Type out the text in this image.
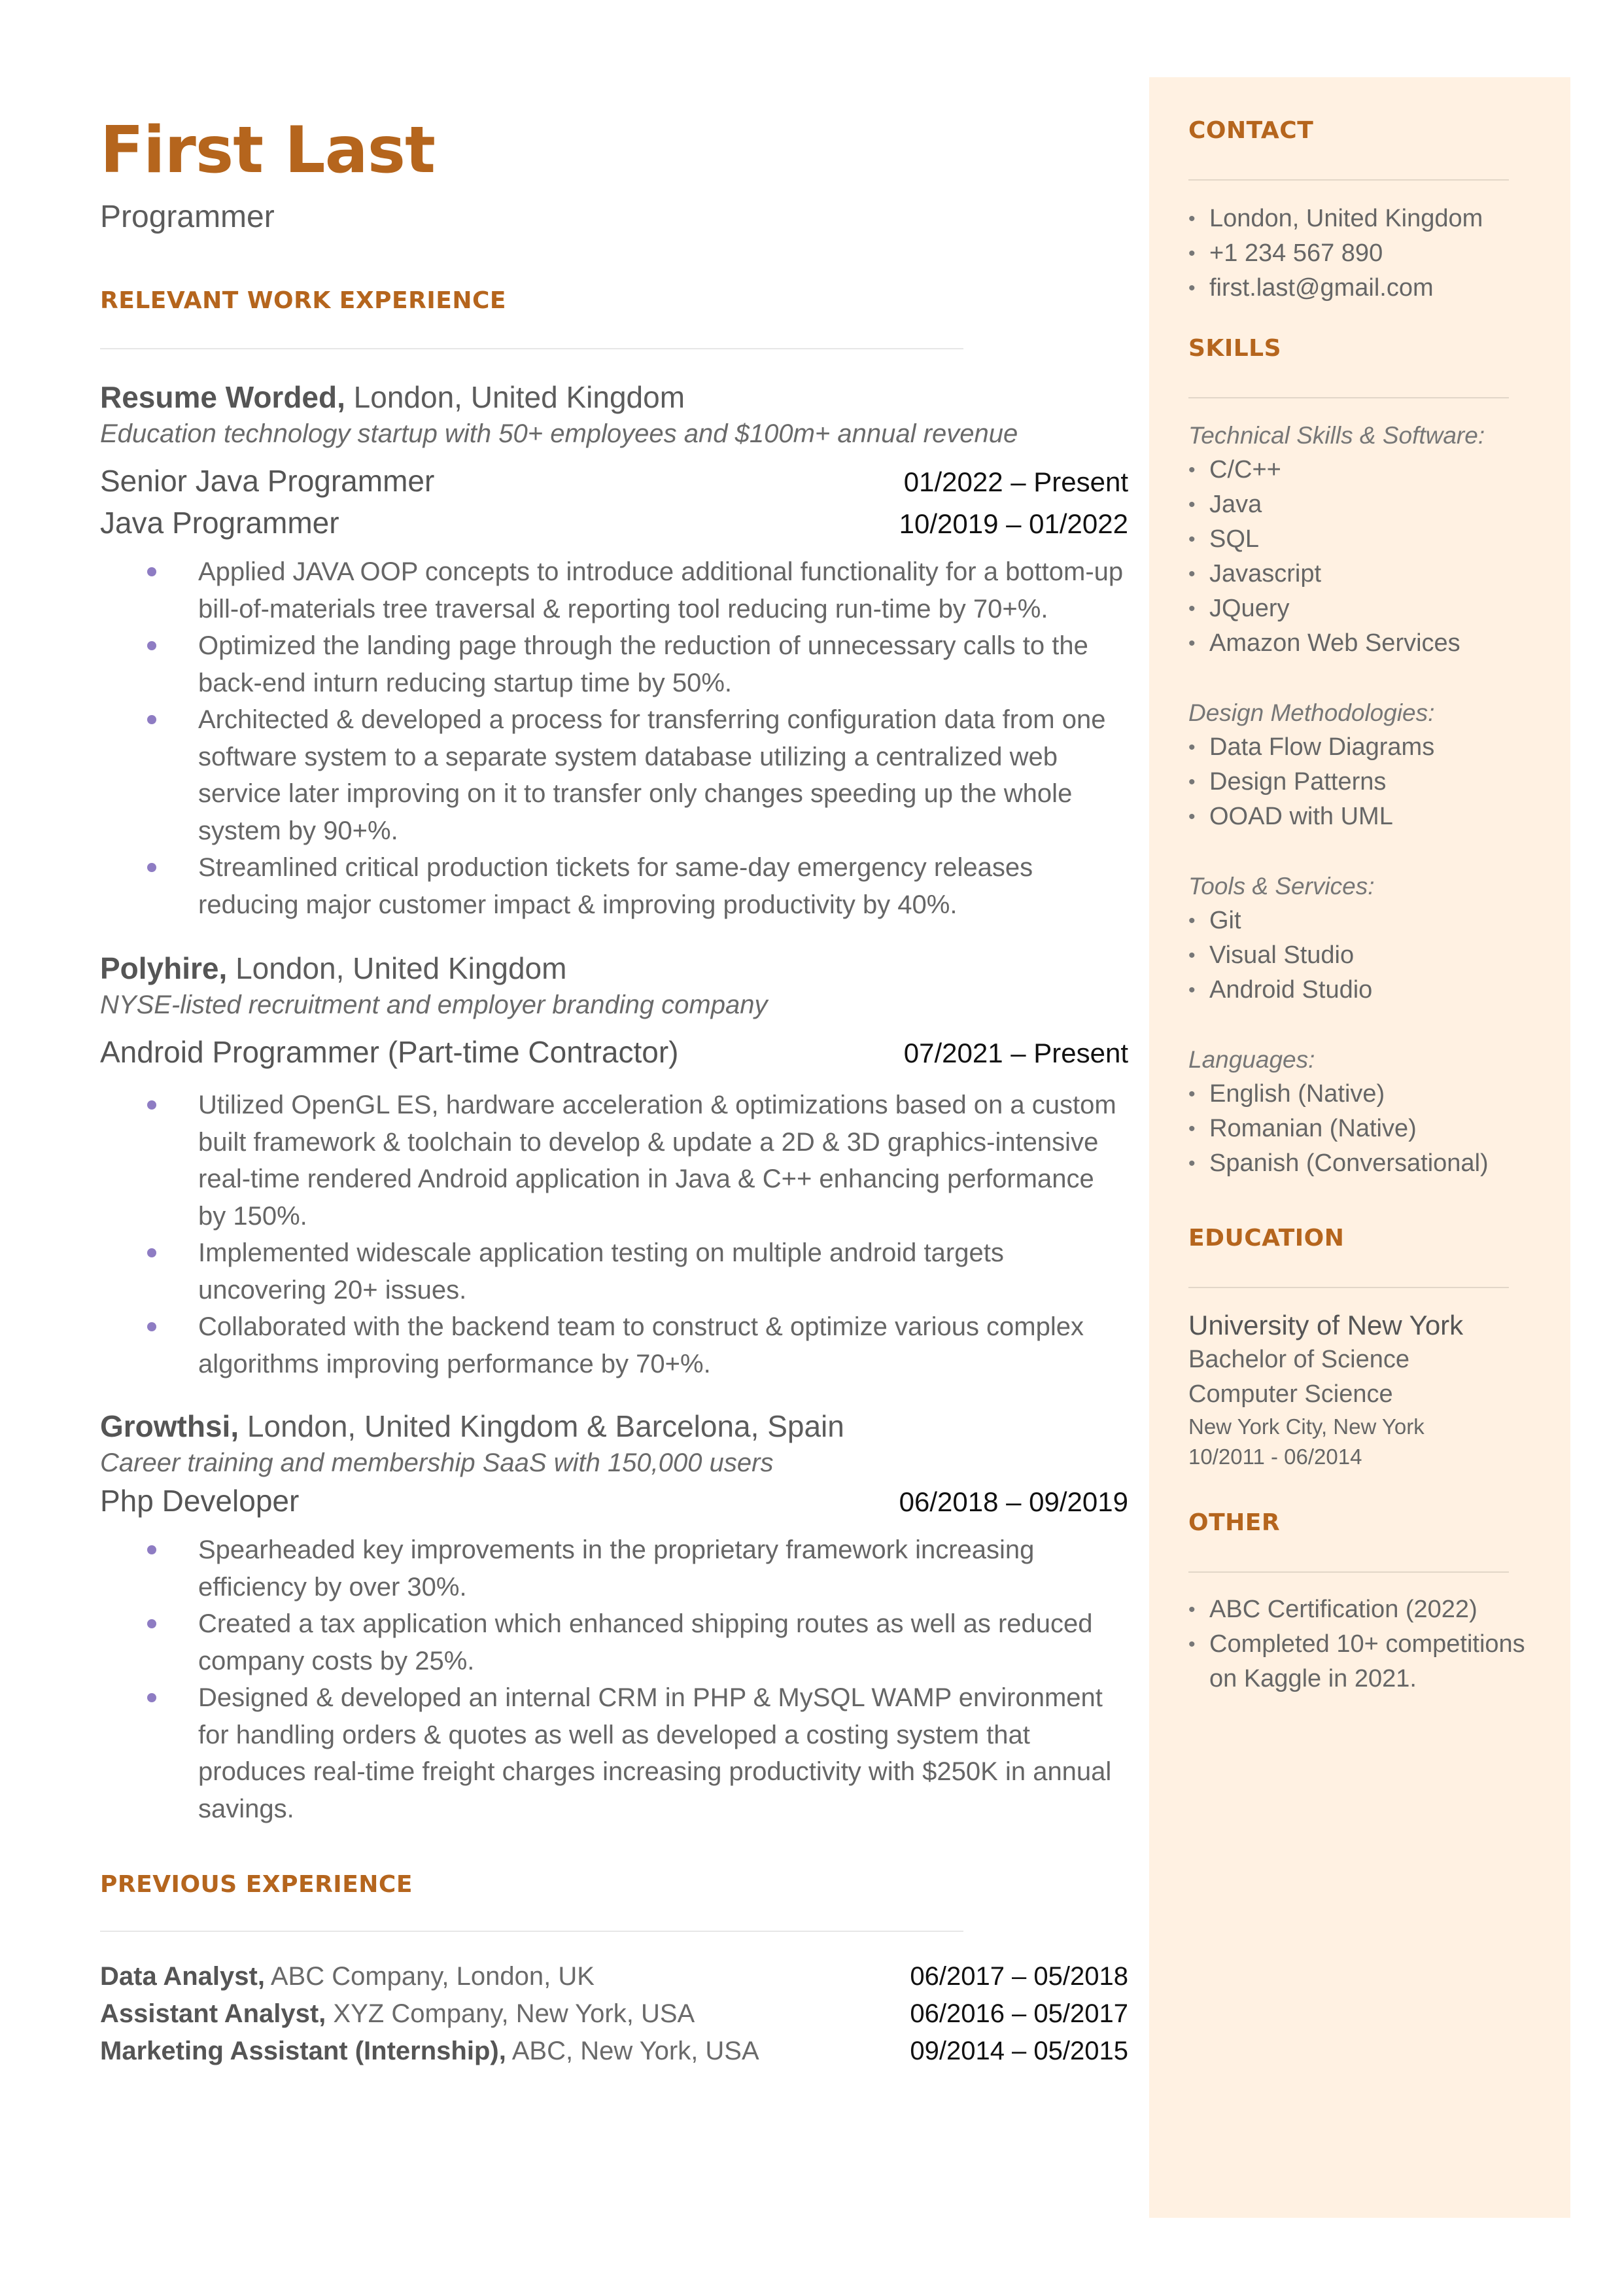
First Last
Programmer
RELEVANT WORK EXPERIENCE
Resume Worded, London, United Kingdom
Education technology startup with 50+ employees and $100m+ annual revenue
Senior Java Programmer	01/2022 – Present
Java Programmer	10/2019 – 01/2022
Applied JAVA OOP concepts to introduce additional functionality for a bottom-up bill-of-materials tree traversal & reporting tool reducing run-time by 70+%.
Optimized the landing page through the reduction of unnecessary calls to the back-end inturn reducing startup time by 50%.
Architected & developed a process for transferring configuration data from one software system to a separate system database utilizing a centralized web service later improving on it to transfer only changes speeding up the whole system by 90+%.
Streamlined critical production tickets for same-day emergency releases reducing major customer impact & improving productivity by 40%.
Polyhire, London, United Kingdom
NYSE-listed recruitment and employer branding company
Android Programmer (Part-time Contractor)	07/2021 – Present
Utilized OpenGL ES, hardware acceleration & optimizations based on a custom built framework & toolchain to develop & update a 2D & 3D graphics-intensive real-time rendered Android application in Java & C++ enhancing performance by 150%.
Implemented widescale application testing on multiple android targets uncovering 20+ issues.
Collaborated with the backend team to construct & optimize various complex algorithms improving performance by 70+%.
Growthsi, London, United Kingdom & Barcelona, Spain
Career training and membership SaaS with 150,000 users
Php Developer	06/2018 – 09/2019
Spearheaded key improvements in the proprietary framework increasing efficiency by over 30%.
Created a tax application which enhanced shipping routes as well as reduced company costs by 25%.
Designed & developed an internal CRM in PHP & MySQL WAMP environment for handling orders & quotes as well as developed a costing system that produces real-time freight charges increasing productivity with $250K in annual savings.
PREVIOUS EXPERIENCE
Data Analyst, ABC Company, London, UK	06/2017 – 05/2018
Assistant Analyst, XYZ Company, New York, USA	06/2016 – 05/2017
Marketing Assistant (Internship), ABC, New York, USA	09/2014 – 05/2015
CONTACT
• London, United Kingdom
• +1 234 567 890
• first.last@gmail.com
SKILLS
Technical Skills & Software:
• C/C++
• Java
• SQL
• Javascript
• JQuery
• Amazon Web Services
Design Methodologies:
• Data Flow Diagrams
• Design Patterns
• OOAD with UML
Tools & Services:
• Git
• Visual Studio
• Android Studio
Languages:
• English (Native)
• Romanian (Native)
• Spanish (Conversational)
EDUCATION
University of New York
Bachelor of Science
Computer Science
New York City, New York
10/2011 - 06/2014
OTHER
• ABC Certification (2022)
• Completed 10+ competitions on Kaggle in 2021.
